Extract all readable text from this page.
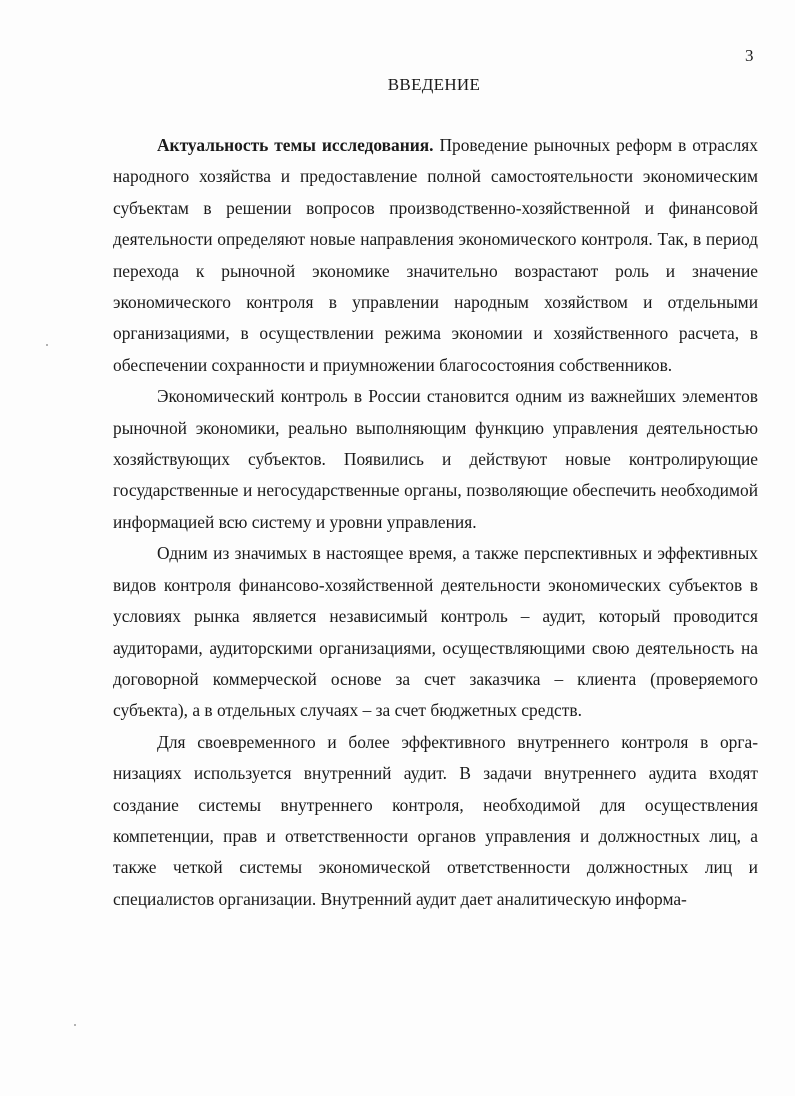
3
ВВЕДЕНИЕ

Актуальность темы исследования. Проведение рыночных реформ в отраслях народного хозяйства и предоставление полной самостоятельности экономическим субъектам в решении вопросов производственно-хозяйственной и финансовой деятельности определяют новые направления экономического контроля. Так, в период перехода к рыночной экономике значительно возрастают роль и значение экономического контроля в управлении народным хозяйством и отдельными организациями, в осуществлении режима экономии и хозяйственного расчета, в обеспечении сохранности и приумножении благосостояния собственников.

Экономический контроль в России становится одним из важнейших элементов рыночной экономики, реально выполняющим функцию управления деятельностью хозяйствующих субъектов. Появились и действуют новые контролирующие государственные и негосударственные органы, позволяющие обеспечить необходимой информацией всю систему и уровни управления.

Одним из значимых в настоящее время, а также перспективных и эффективных видов контроля финансово-хозяйственной деятельности экономических субъектов в условиях рынка является независимый контроль – аудит, который проводится аудиторами, аудиторскими организациями, осуществляющими свою деятельность на договорной коммерческой основе за счет заказчика – клиента (проверяемого субъекта), а в отдельных случаях – за счет бюджетных средств.

Для своевременного и более эффективного внутреннего контроля в организациях используется внутренний аудит. В задачи внутреннего аудита входят создание системы внутреннего контроля, необходимой для осуществления компетенции, прав и ответственности органов управления и должностных лиц, а также четкой системы экономической ответственности должностных лиц и специалистов организации. Внутренний аудит дает аналитическую информа-
